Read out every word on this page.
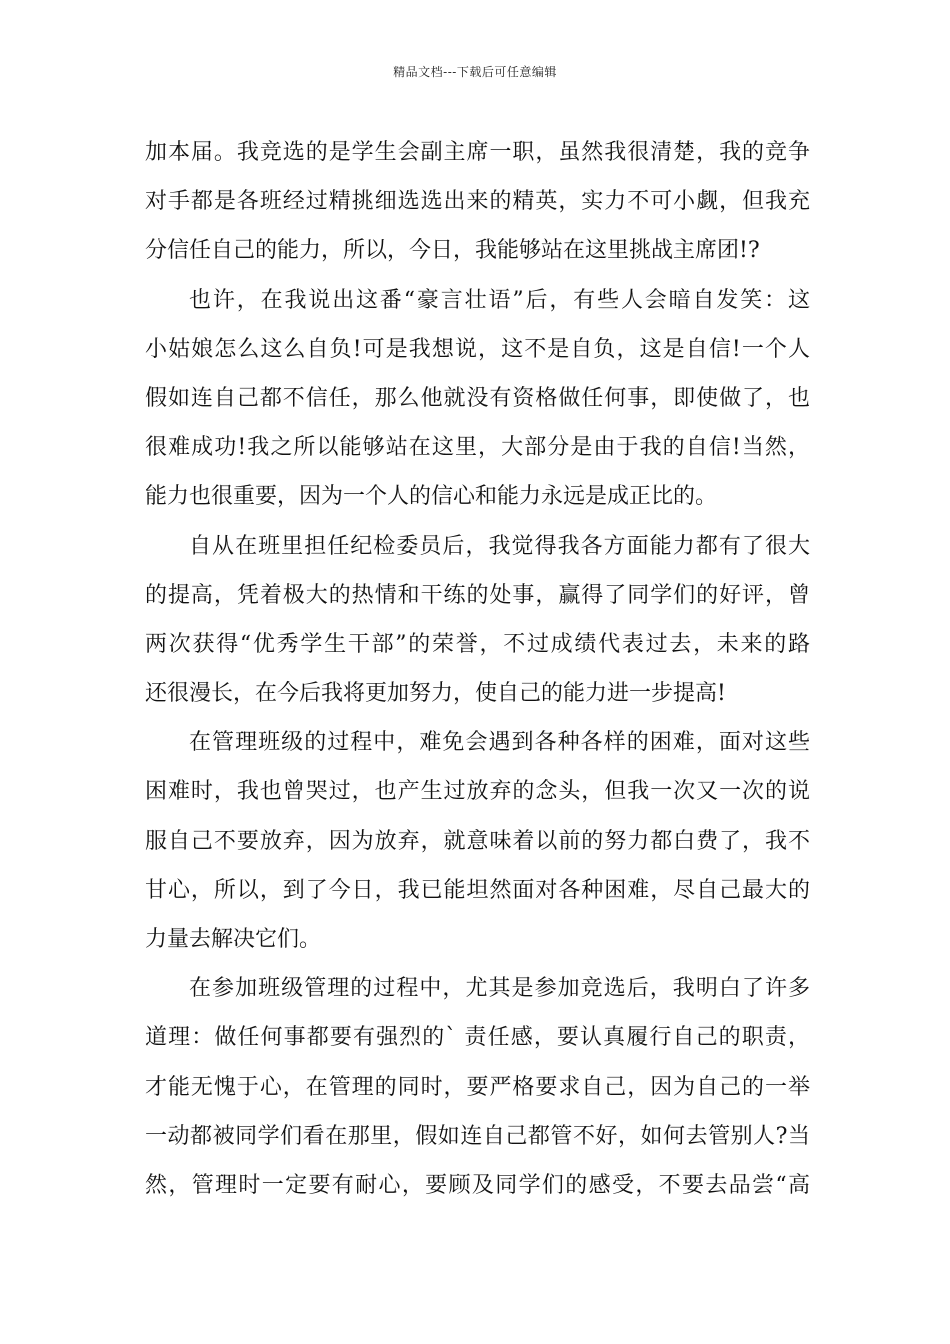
精品文档---下载后可任意编辑
加本届。我竞选的是学生会副主席一职，虽然我很清楚，我的竞争
对手都是各班经过精挑细选选出来的精英，实力不可小觑，但我充
分信任自己的能力，所以，今日，我能够站在这里挑战主席团!?
也许，在我说出这番“豪言壮语”后，有些人会暗自发笑：这
小姑娘怎么这么自负!可是我想说，这不是自负，这是自信!一个人
假如连自己都不信任，那么他就没有资格做任何事，即使做了，也
很难成功!我之所以能够站在这里，大部分是由于我的自信!当然，
能力也很重要，因为一个人的信心和能力永远是成正比的。
自从在班里担任纪检委员后，我觉得我各方面能力都有了很大
的提高，凭着极大的热情和干练的处事，赢得了同学们的好评，曾
两次获得“优秀学生干部”的荣誉，不过成绩代表过去，未来的路
还很漫长，在今后我将更加努力，使自己的能力进一步提高!
在管理班级的过程中，难免会遇到各种各样的困难，面对这些
困难时，我也曾哭过，也产生过放弃的念头，但我一次又一次的说
服自己不要放弃，因为放弃，就意味着以前的努力都白费了，我不
甘心，所以，到了今日，我已能坦然面对各种困难，尽自己最大的
力量去解决它们。
在参加班级管理的过程中，尤其是参加竞选后，我明白了许多
道理：做任何事都要有强烈的` 责任感，要认真履行自己的职责，
才能无愧于心，在管理的同时，要严格要求自己，因为自己的一举
一动都被同学们看在那里，假如连自己都管不好，如何去管别人?当
然，管理时一定要有耐心，要顾及同学们的感受，不要去品尝“高
